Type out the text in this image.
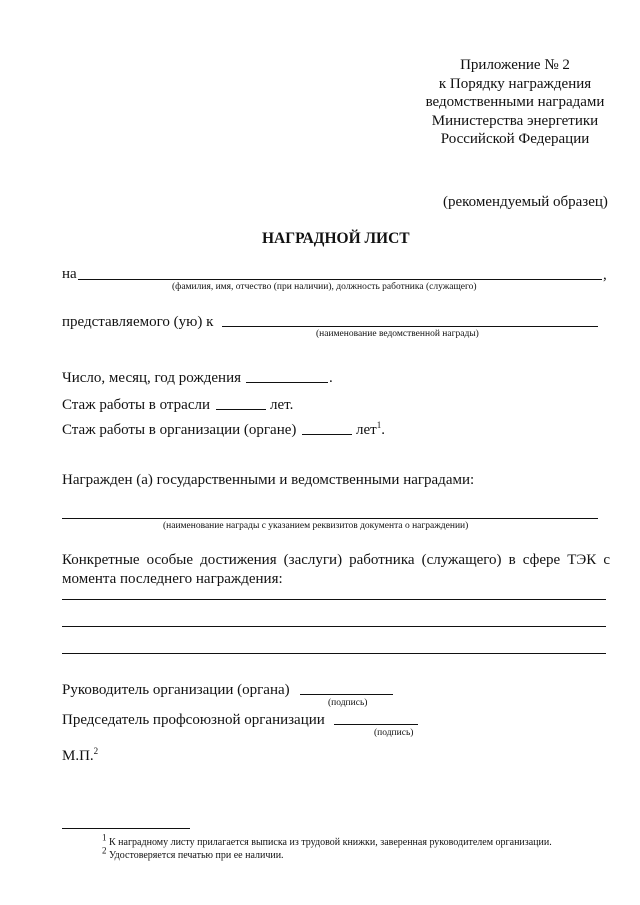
Приложение № 2
к Порядку награждения
ведомственными наградами
Министерства энергетики
Российской Федерации
(рекомендуемый образец)
НАГРАДНОЙ ЛИСТ
на	,
(фамилия, имя, отчество (при наличии), должность работника (служащего)
представляемого (ую) к
(наименование ведомственной награды)
Число, месяц, год рождения	.
Стаж работы в отрасли	лет.
Стаж работы в организации (органе)	лет$^1$.
Награжден (а) государственными и ведомственными наградами:
(наименование награды с указанием реквизитов документа о награждении)
Конкретные особые достижения (заслуги) работника (служащего) в сфере ТЭК с момента последнего награждения:
Руководитель организации (органа)
(подпись)
Председатель профсоюзной организации
(подпись)
М.П.$^2$
$^1$ К наградному листу прилагается выписка из трудовой книжки, заверенная руководителем организации.
$^2$ Удостоверяется печатью при ее наличии.
